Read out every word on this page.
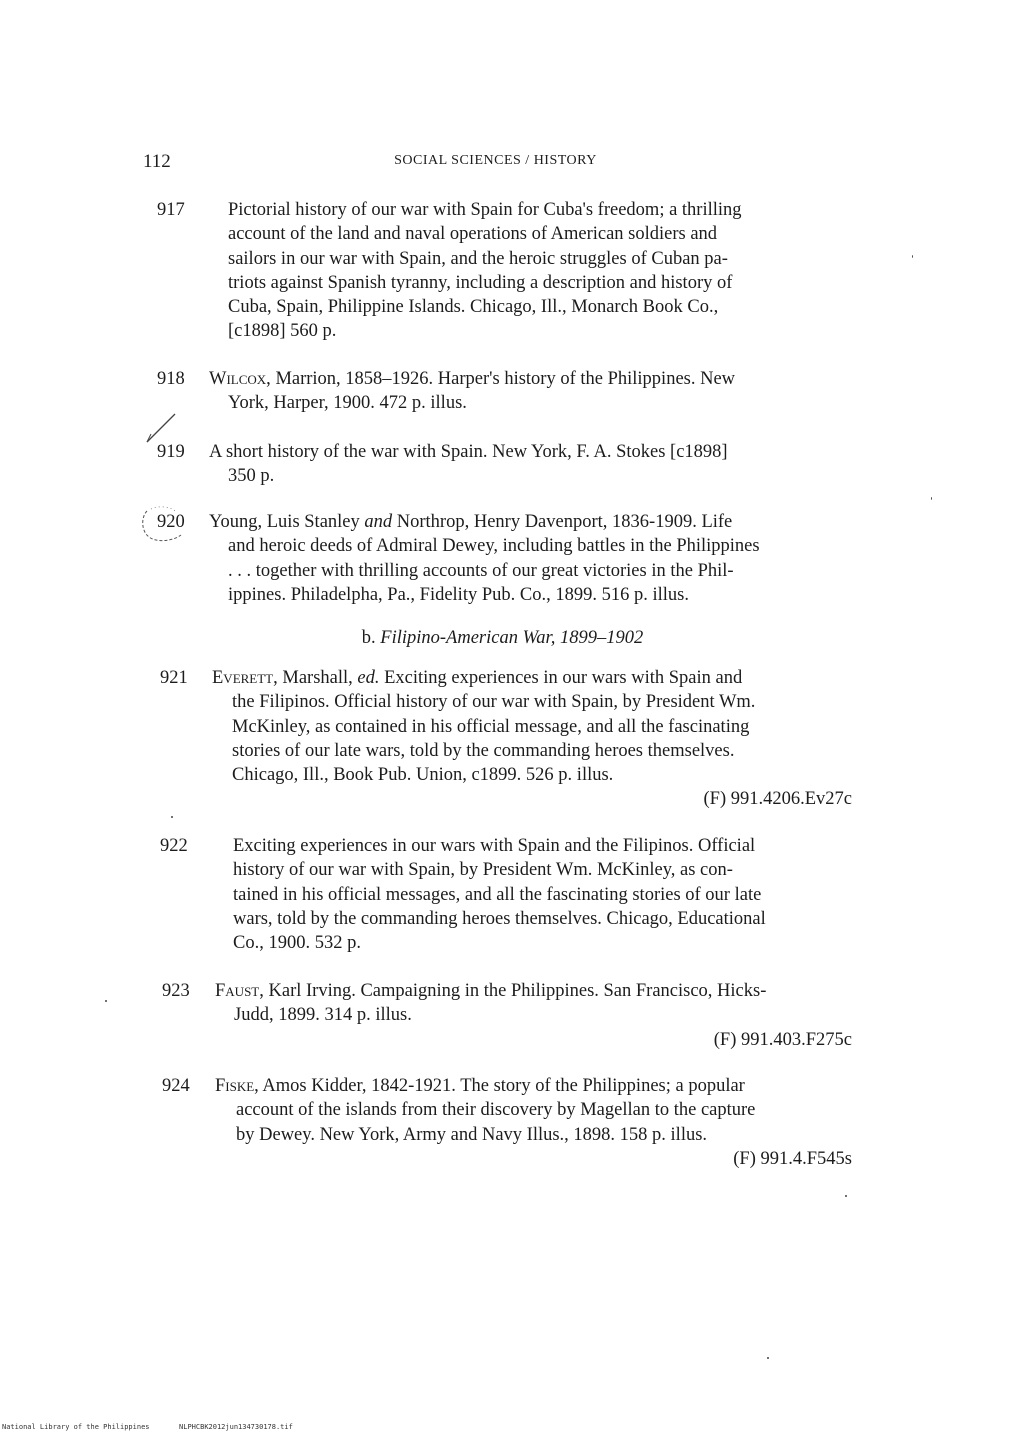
112	SOCIAL SCIENCES / HISTORY
917 Pictorial history of our war with Spain for Cuba's freedom; a thrilling
account of the land and naval operations of American soldiers and
sailors in our war with Spain, and the heroic struggles of Cuban pa-
triots against Spanish tyranny, including a description and history of
Cuba, Spain, Philippine Islands. Chicago, Ill., Monarch Book Co.,
[c1898] 560 p.
918 Wilcox, Marrion, 1858–1926. Harper's history of the Philippines. New
York, Harper, 1900. 472 p. illus.
919 A short history of the war with Spain. New York, F. A. Stokes [c1898]
350 p.
920 Young, Luis Stanley and Northrop, Henry Davenport, 1836-1909. Life
and heroic deeds of Admiral Dewey, including battles in the Philippines
. . . together with thrilling accounts of our great victories in the Phil-
ippines. Philadelpha, Pa., Fidelity Pub. Co., 1899. 516 p. illus.
b. Filipino-American War, 1899–1902
921 Everett, Marshall, ed. Exciting experiences in our wars with Spain and
the Filipinos. Official history of our war with Spain, by President Wm.
McKinley, as contained in his official message, and all the fascinating
stories of our late wars, told by the commanding heroes themselves.
Chicago, Ill., Book Pub. Union, c1899. 526 p. illus.
(F) 991.4206.Ev27c
922 Exciting experiences in our wars with Spain and the Filipinos. Official
history of our war with Spain, by President Wm. McKinley, as con-
tained in his official messages, and all the fascinating stories of our late
wars, told by the commanding heroes themselves. Chicago, Educational
Co., 1900. 532 p.
923 Faust, Karl Irving. Campaigning in the Philippines. San Francisco, Hicks-
Judd, 1899. 314 p. illus.
(F) 991.403.F275c
924 Fiske, Amos Kidder, 1842-1921. The story of the Philippines; a popular
account of the islands from their discovery by Magellan to the capture
by Dewey. New York, Army and Navy Illus., 1898. 158 p. illus.
(F) 991.4.F545s
National Library of the Philippines	NLPHCBK2012jun134730178.tif
